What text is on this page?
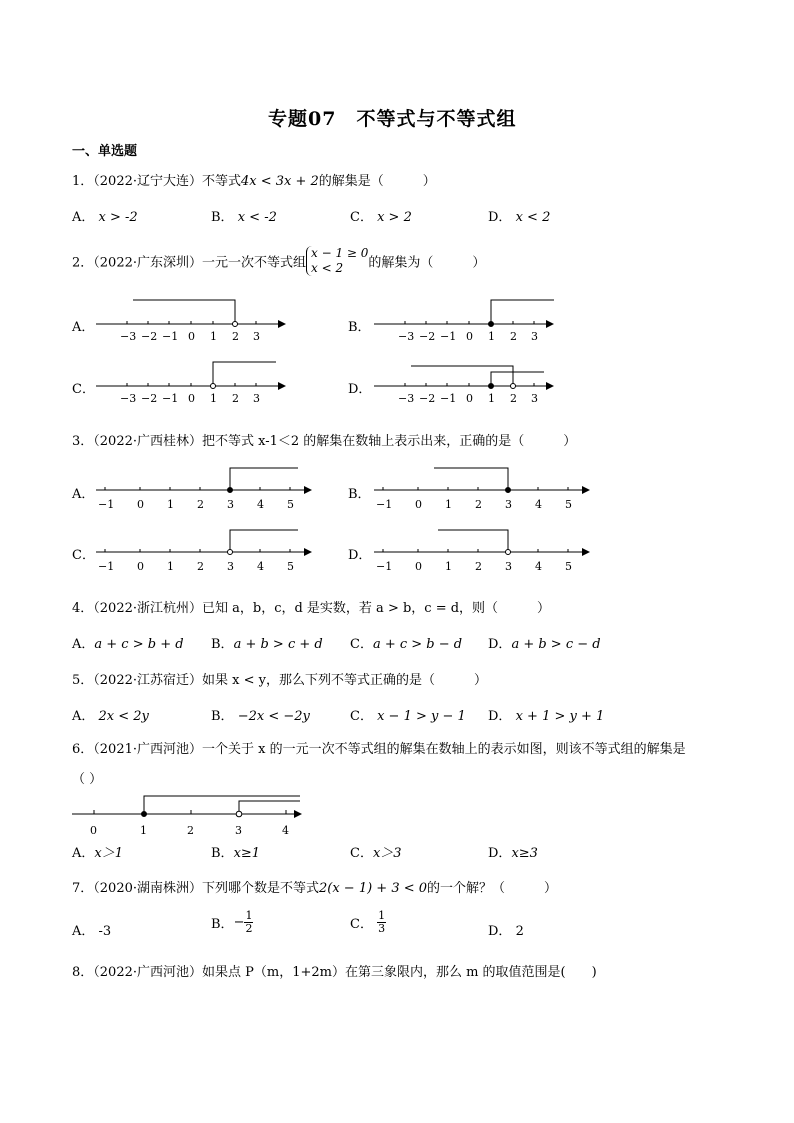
专题07　不等式与不等式组
一、单选题
1．（2022·辽宁大连）不等式4x < 3x + 2的解集是（　　　）
A． x > -2	B． x < -2	C． x > 2	D． x < 2
2．（2022·广东深圳）一元一次不等式组
x − 1 ≥ 0
x < 2	的解集为（　　　）
A．	B．
C．	D．
−3 −2 −1 0 1 2 3	−3 −2 −1 0 1 2 3
−3 −2 −1 0 1 2 3	−3 −2 −1 0 1 2 3
3．（2022·广西桂林）把不等式 x-1＜2 的解集在数轴上表示出来，正确的是（　　　）
A．	B．
C．	D．
−1 0 1 2 3 4 5	−1 0 1 2 3 4 5
−1 0 1 2 3 4 5	−1 0 1 2 3 4 5
4．（2022·浙江杭州）已知 a，b，c，d 是实数，若 a > b，c = d，则（　　　）
A．a + c > b + d B．a + b > c + d C．a + c > b − d D．a + b > c − d
5．（2022·江苏宿迁）如果 x < y，那么下列不等式正确的是（　　　）
A． 2x < 2y	B． −2x < −2y	C． x − 1 > y − 1 D． x + 1 > y + 1
6．（2021·广西河池）一个关于 x 的一元一次不等式组的解集在数轴上的表示如图，则该不等式组的解集是
（ ）
0	1	2	3	4
A．x＞1	B．x≥1	C．x＞3	D．x≥3
7．（2020·湖南株洲）下列哪个数是不等式2(x − 1) + 3 < 0的一个解？（　　　）
A． -3	B．− $\frac{1}{2}$	C． $\frac{1}{3}$	D． 2
8．（2022·广西河池）如果点 P（m，1+2m）在第三象限内，那么 m 的取值范围是(　　)
